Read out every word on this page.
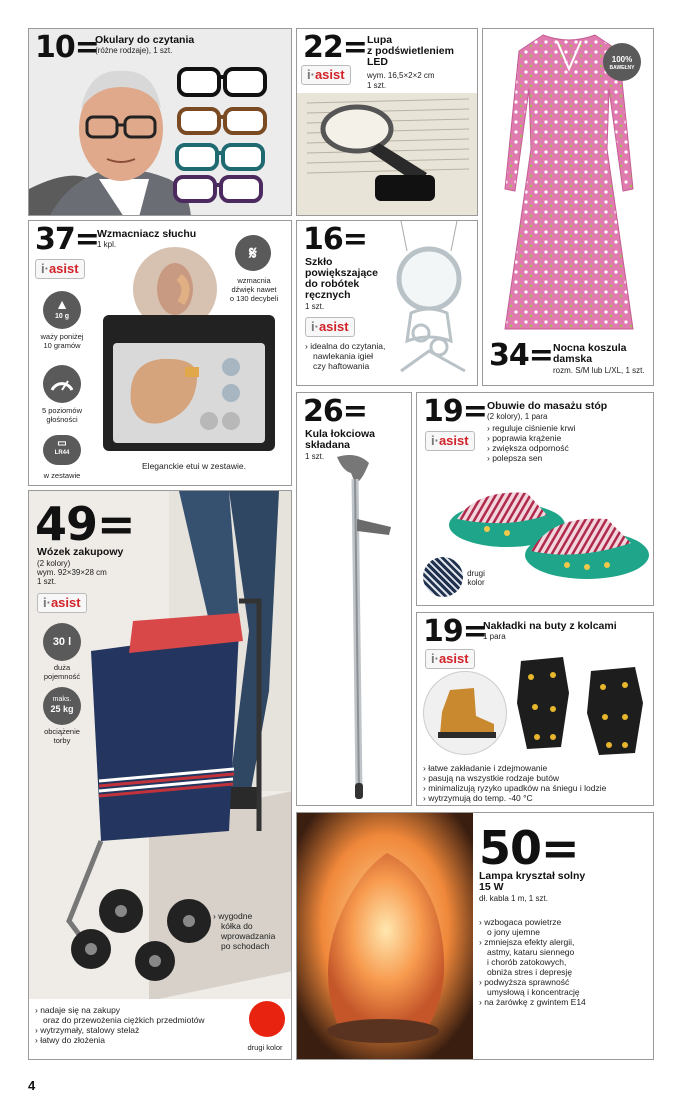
10=
Okulary do czytania
(różne rodzaje), 1 szt.	22= Lupa
z podświetleniem
LED
i·asist	wym. 16,5×2×2 cm
1 szt.
100%
BAWEŁNY
34= Nocna koszula
damska
rozm. S/M lub L/XL, 1 szt.
37=
Wzmacniacz słuchu
1 kpl.
i·asist
𝄋
wzmacnia
dźwięk nawet
o 130 decybeli
▲
10 g
waży poniżej
10 gramów
5 poziomów
głośności
▭
LR44
w zestawie
Eleganckie etui w zestawie.
16=
Szkło
powiększające
do robótek
ręcznych
1 szt.
i·asist
› idealna do czytania,
nawlekania igieł
czy haftowania
49=
Wózek zakupowy
(2 kolory)
wym. 92×39×28 cm
1 szt.
i·asist
30 l
duża
pojemność
maks.
25 kg
obciążenie
torby
› wygodne
kółka do
wprowadzania
po schodach
› nadaje się na zakupy
oraz do przewożenia ciężkich przedmiotów
› wytrzymały, stalowy stelaż
› łatwy do złożenia
drugi kolor
26=
Kula łokciowa
składana
1 szt.
19= Obuwie do masażu stóp
(2 kolory), 1 para
i·asist
› reguluje ciśnienie krwi
› poprawia krążenie
› zwiększa odporność
› polepsza sen
drugi
kolor
19=
Nakładki na buty z kolcami
1 para
i·asist
› łatwe zakładanie i zdejmowanie
› pasują na wszystkie rodzaje butów
› minimalizują ryzyko upadków na śniegu i lodzie
› wytrzymują do temp. -40 °C
50=
Lampa kryształ solny
15 W
dł. kabla 1 m, 1 szt.
› wzbogaca powietrze
o jony ujemne
› zmniejsza efekty alergii,
astmy, kataru siennego
i chorób zatokowych,
obniża stres i depresję
› podwyższa sprawność
umysłową i koncentrację
› na żarówkę z gwintem E14
4
